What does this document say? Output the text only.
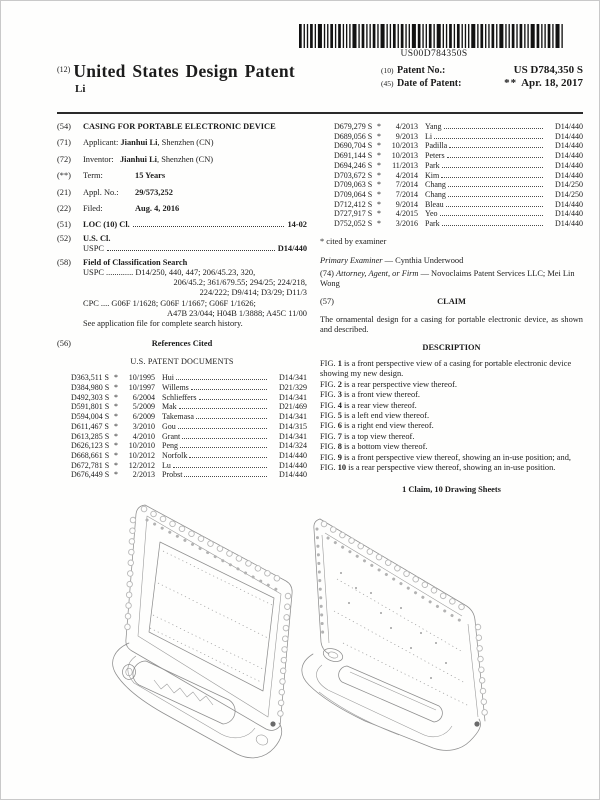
US00D784350S
$^{(12)}$ United States Design Patent
Li
(10) Patent No.:	US D784,350 S
(45) Date of Patent:	** Apr. 18, 2017
(54)	CASING FOR PORTABLE ELECTRONIC DEVICE
(71)	Applicant: Jianhui Li, Shenzhen (CN)
(72)	Inventor: Jianhui Li, Shenzhen (CN)
(**)	Term:	15 Years
(21)	Appl. No.: 29/573,252
(22)	Filed:	Aug. 4, 2016
(51)	LOC (10) Cl.	14-02
(52)	U.S. Cl.
USPC	D14/440
(58)	Field of Classification Search
USPC ............. D14/250, 440, 447; 206/45.23, 320,
206/45.2; 361/679.55; 294/25; 224/218,
224/222; D9/414; D3/29; D11/3
CPC .... G06F 1/1628; G06F 1/1667; G06F 1/1626;
A47B 23/044; H04B 1/3888; A45C 11/00
See application file for complete search history.
(56)	References Cited
U.S. PATENT DOCUMENTS
D363,511 S *	10/1995 Hui	D14/341
D384,980 S *	10/1997 Willems	D21/329
D492,303 S *	6/2004 Schlieffers	D14/341
D591,801 S *	5/2009 Mak	D21/469
D594,004 S *	6/2009 Takemasa	D14/341
D611,467 S *	3/2010 Gou	D14/315
D613,285 S *	4/2010 Grant	D14/341
D626,123 S *	10/2010 Peng	D14/324
D668,661 S *	10/2012 Norfolk	D14/440
D672,781 S *	12/2012 Lu	D14/440
D676,449 S *	2/2013 Probst	D14/440
D679,279 S *	4/2013 Yang	D14/440
D689,056 S *	9/2013 Li	D14/440
D690,704 S *	10/2013 Padilla	D14/440
D691,144 S *	10/2013 Peters	D14/440
D694,246 S *	11/2013 Park	D14/440
D703,672 S *	4/2014 Kim	D14/440
D709,063 S *	7/2014 Chang	D14/250
D709,064 S *	7/2014 Chang	D14/250
D712,412 S *	9/2014 Bleau	D14/440
D727,917 S *	4/2015 Yeo	D14/440
D752,052 S *	3/2016 Park	D14/440
* cited by examiner

Primary Examiner — Cynthia Underwood

(74) Attorney, Agent, or Firm — Novoclaims Patent Services LLC; Mei Lin Wong

(57)	CLAIM

The ornamental design for a casing for portable electronic device, as shown and described.

DESCRIPTION

FIG. 1 is a front perspective view of a casing for portable electronic device showing my new design.

FIG. 2 is a rear perspective view thereof.

FIG. 3 is a front view thereof.

FIG. 4 is a rear view thereof.

FIG. 5 is a left end view thereof.

FIG. 6 is a right end view thereof.

FIG. 7 is a top view thereof.

FIG. 8 is a bottom view thereof.

FIG. 9 is a front perspective view thereof, showing an in-use position; and,

FIG. 10 is a rear perspective view thereof, showing an in-use position.

1 Claim, 10 Drawing Sheets
